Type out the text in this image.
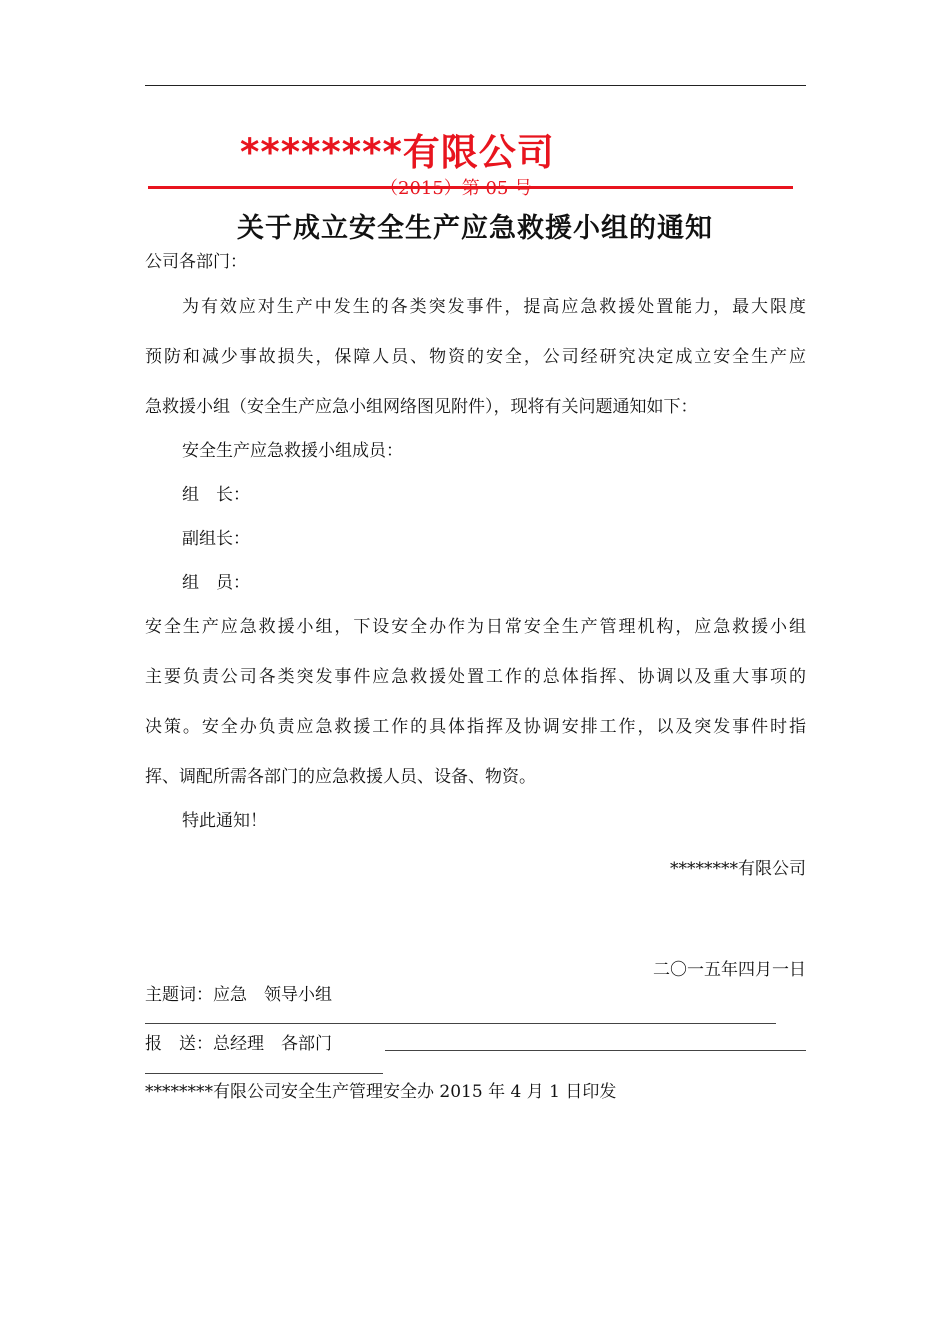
********有限公司
关于成立安全生产应急救援小组的通知
公司各部门：
为有效应对生产中发生的各类突发事件，提高应急救援处置能力，最大限度
预防和减少事故损失，保障人员、物资的安全，公司经研究决定成立安全生产应
急救援小组（安全生产应急小组网络图见附件），现将有关问题通知如下：
安全生产应急救援小组成员：
组　长：
副组长：
组　员：
安全生产应急救援小组，下设安全办作为日常安全生产管理机构，应急救援小组
主要负责公司各类突发事件应急救援处置工作的总体指挥、协调以及重大事项的
决策。安全办负责应急救援工作的具体指挥及协调安排工作，以及突发事件时指
挥、调配所需各部门的应急救援人员、设备、物资。
特此通知！
********有限公司
二〇一五年四月一日
主题词：应急　领导小组
报　送：总经理　各部门
********有限公司安全生产管理安全办 2015 年 4 月 1 日印发
